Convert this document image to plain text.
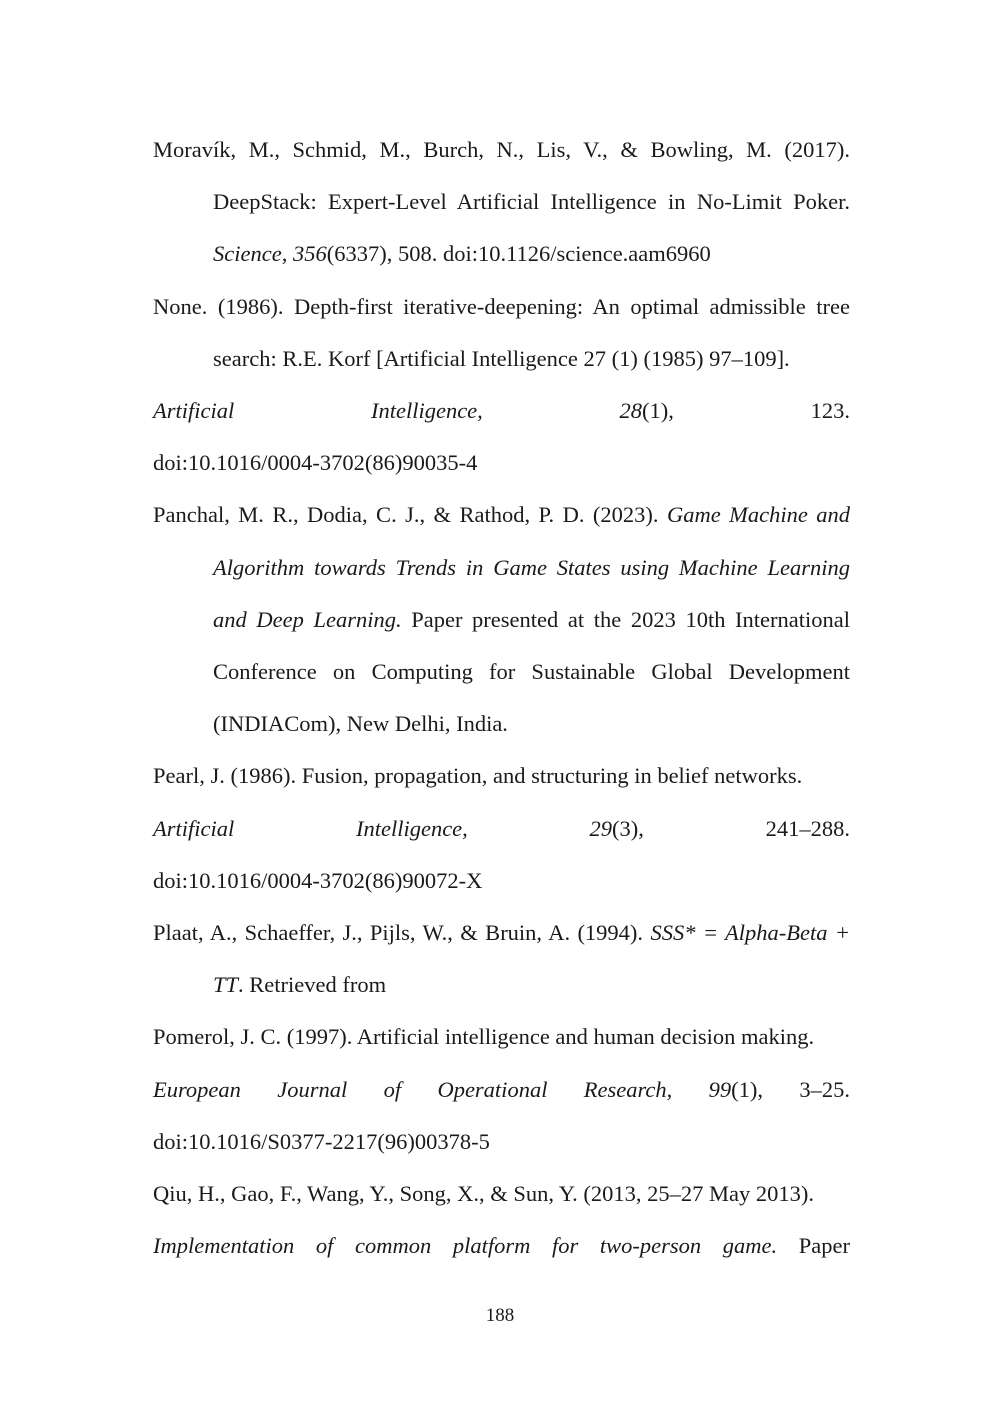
Moravík, M., Schmid, M., Burch, N., Lis, V., & Bowling, M. (2017). DeepStack: Expert-Level Artificial Intelligence in No-Limit Poker. Science, 356(6337), 508. doi:10.1126/science.aam6960
None. (1986). Depth-first iterative-deepening: An optimal admissible tree search: R.E. Korf [Artificial Intelligence 27 (1) (1985) 97–109].
Artificial Intelligence,	28(1),	123.
doi:10.1016/0004-3702(86)90035-4
Panchal, M. R., Dodia, C. J., & Rathod, P. D. (2023). Game Machine and Algorithm towards Trends in Game States using Machine Learning and Deep Learning. Paper presented at the 2023 10th International Conference on Computing for Sustainable Global Development (INDIACom), New Delhi, India.
Pearl, J. (1986). Fusion, propagation, and structuring in belief networks.
Artificial Intelligence,	29(3),	241–288.
doi:10.1016/0004-3702(86)90072-X
Plaat, A., Schaeffer, J., Pijls, W., & Bruin, A. (1994). SSS* = Alpha-Beta + TT. Retrieved from
Pomerol, J. C. (1997). Artificial intelligence and human decision making.
European Journal of Operational Research, 99(1), 3–25.
doi:10.1016/S0377-2217(96)00378-5
Qiu, H., Gao, F., Wang, Y., Song, X., & Sun, Y. (2013, 25–27 May 2013).
Implementation of common platform for two-person game. Paper
188
